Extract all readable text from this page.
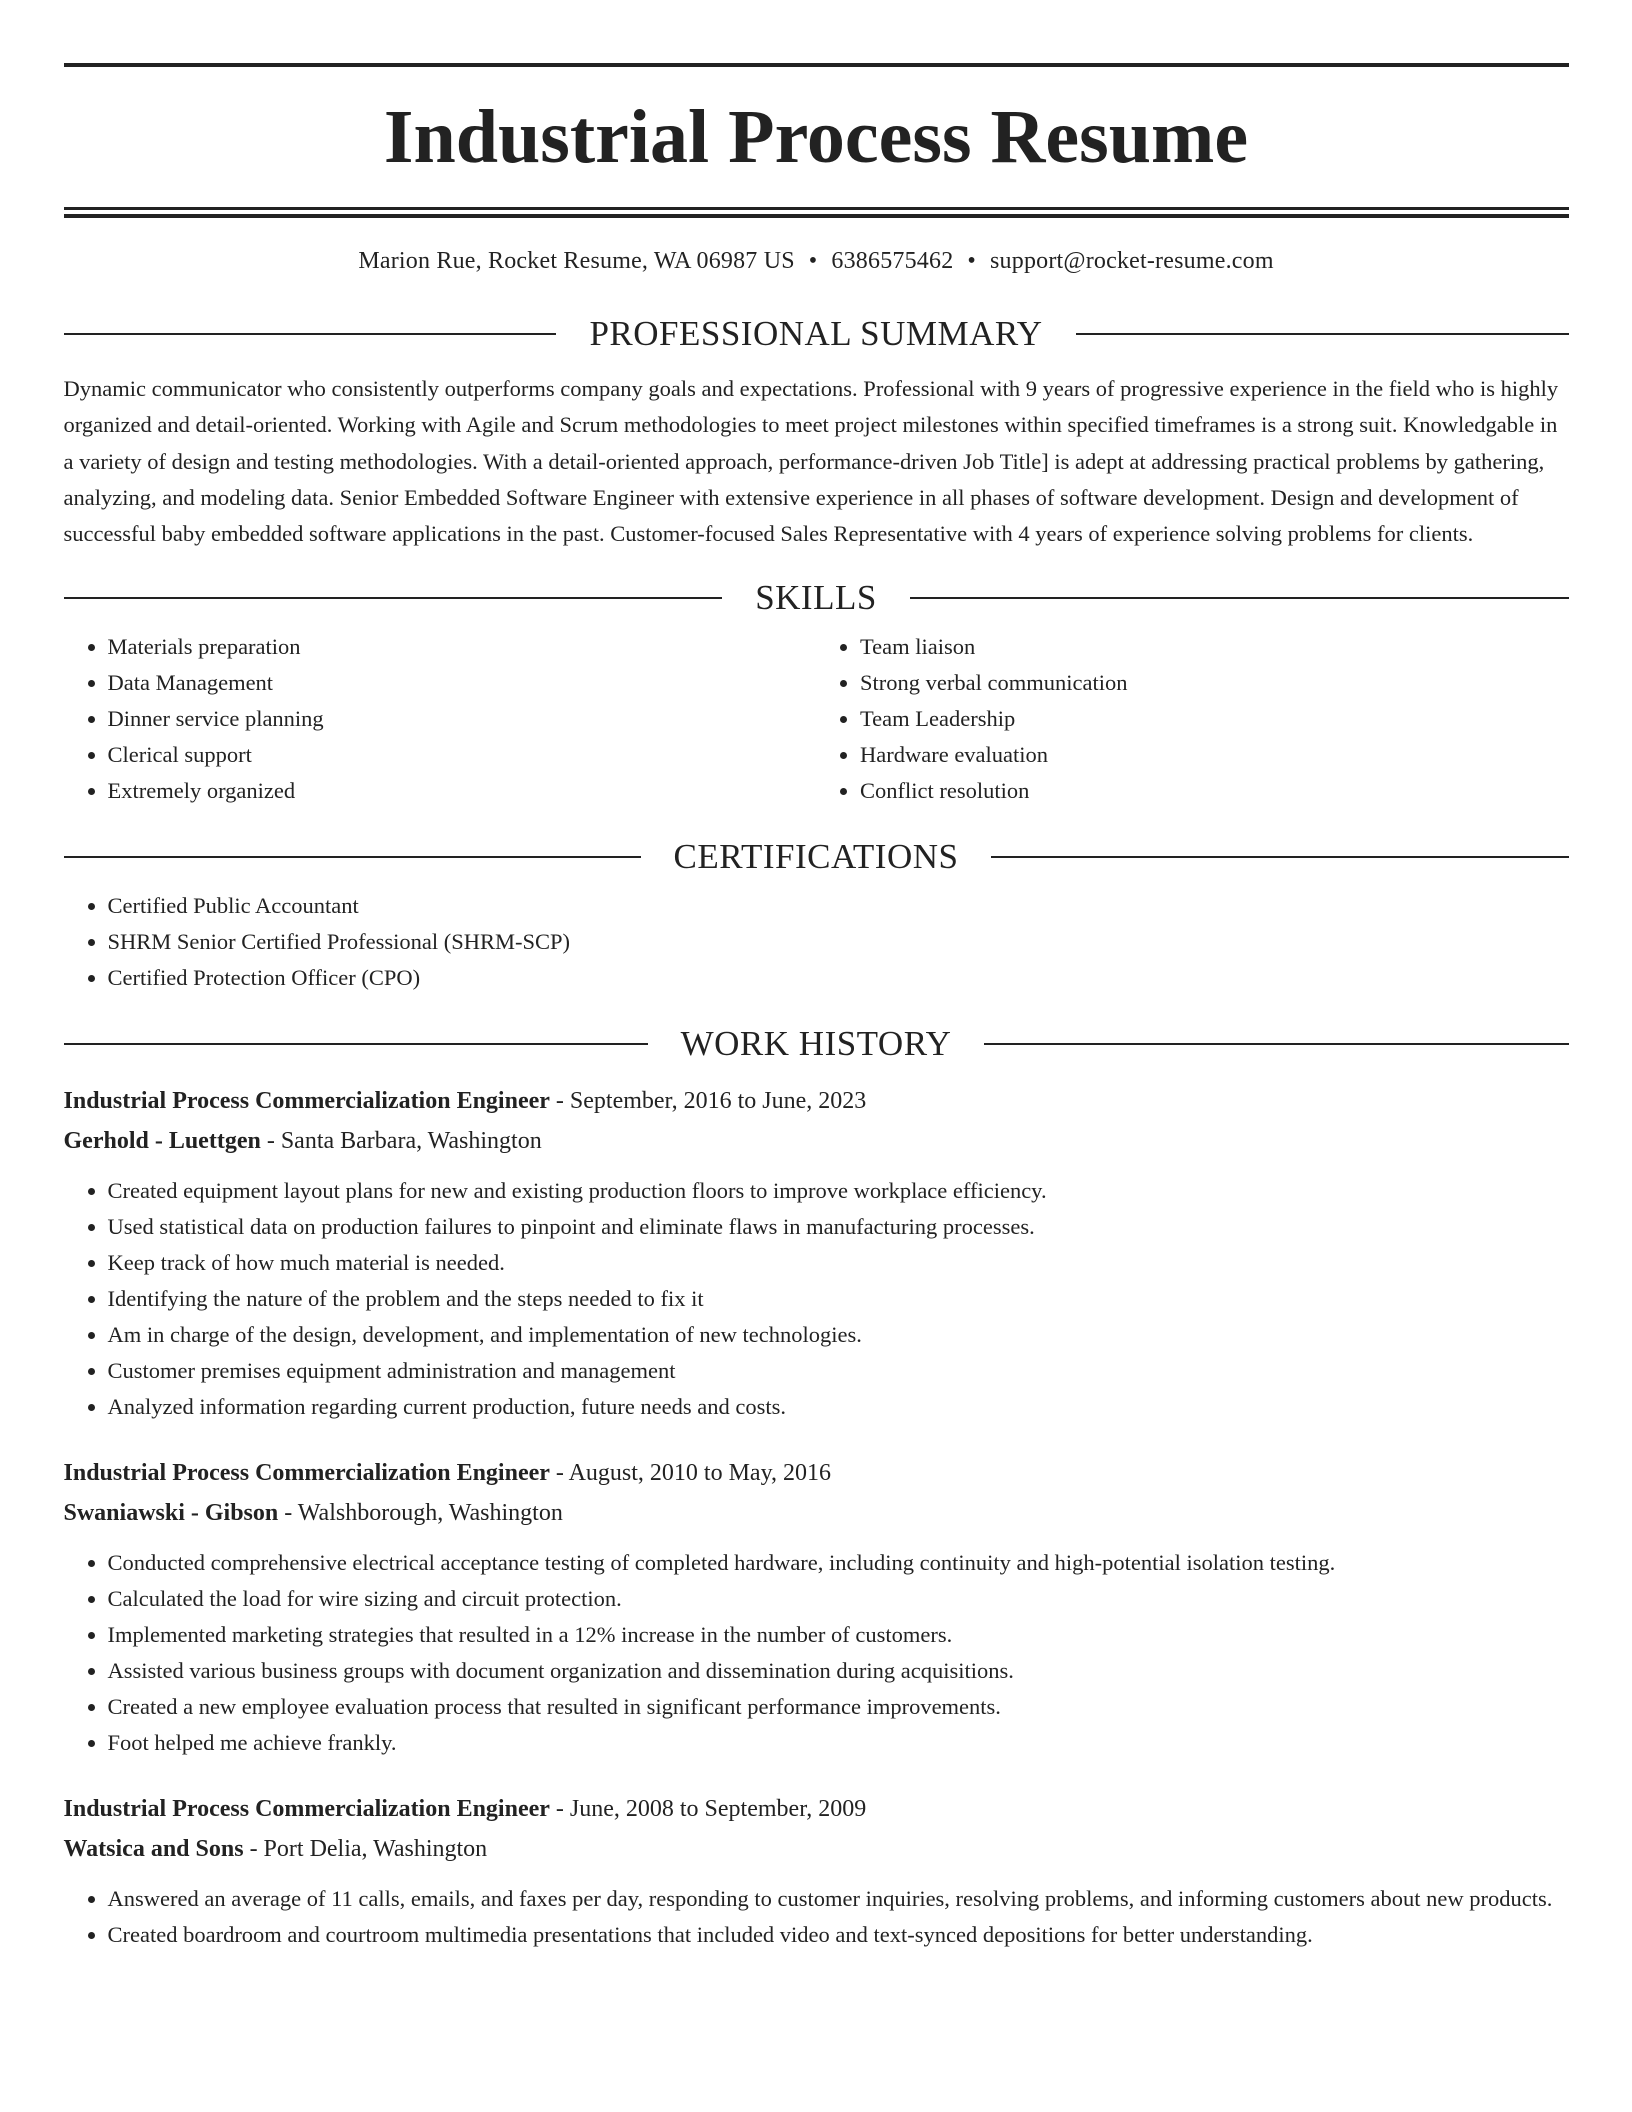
Industrial Process Resume
Marion Rue, Rocket Resume, WA 06987 US • 6386575462 • support@rocket-resume.com
PROFESSIONAL SUMMARY
Dynamic communicator who consistently outperforms company goals and expectations. Professional with 9 years of progressive experience in the field who is highly organized and detail-oriented. Working with Agile and Scrum methodologies to meet project milestones within specified timeframes is a strong suit. Knowledgable in a variety of design and testing methodologies. With a detail-oriented approach, performance-driven Job Title] is adept at addressing practical problems by gathering, analyzing, and modeling data. Senior Embedded Software Engineer with extensive experience in all phases of software development. Design and development of successful baby embedded software applications in the past. Customer-focused Sales Representative with 4 years of experience solving problems for clients.
SKILLS
• Materials preparation
• Data Management
• Dinner service planning
• Clerical support
• Extremely organized
• Team liaison
• Strong verbal communication
• Team Leadership
• Hardware evaluation
• Conflict resolution
CERTIFICATIONS
• Certified Public Accountant
• SHRM Senior Certified Professional (SHRM-SCP)
• Certified Protection Officer (CPO)
WORK HISTORY
Industrial Process Commercialization Engineer - September, 2016 to June, 2023
Gerhold - Luettgen - Santa Barbara, Washington
• Created equipment layout plans for new and existing production floors to improve workplace efficiency.
• Used statistical data on production failures to pinpoint and eliminate flaws in manufacturing processes.
• Keep track of how much material is needed.
• Identifying the nature of the problem and the steps needed to fix it
• Am in charge of the design, development, and implementation of new technologies.
• Customer premises equipment administration and management
• Analyzed information regarding current production, future needs and costs.
Industrial Process Commercialization Engineer - August, 2010 to May, 2016
Swaniawski - Gibson - Walshborough, Washington
• Conducted comprehensive electrical acceptance testing of completed hardware, including continuity and high-potential isolation testing.
• Calculated the load for wire sizing and circuit protection.
• Implemented marketing strategies that resulted in a 12% increase in the number of customers.
• Assisted various business groups with document organization and dissemination during acquisitions.
• Created a new employee evaluation process that resulted in significant performance improvements.
• Foot helped me achieve frankly.
Industrial Process Commercialization Engineer - June, 2008 to September, 2009
Watsica and Sons - Port Delia, Washington
• Answered an average of 11 calls, emails, and faxes per day, responding to customer inquiries, resolving problems, and informing customers about new products.
• Created boardroom and courtroom multimedia presentations that included video and text-synced depositions for better understanding.
